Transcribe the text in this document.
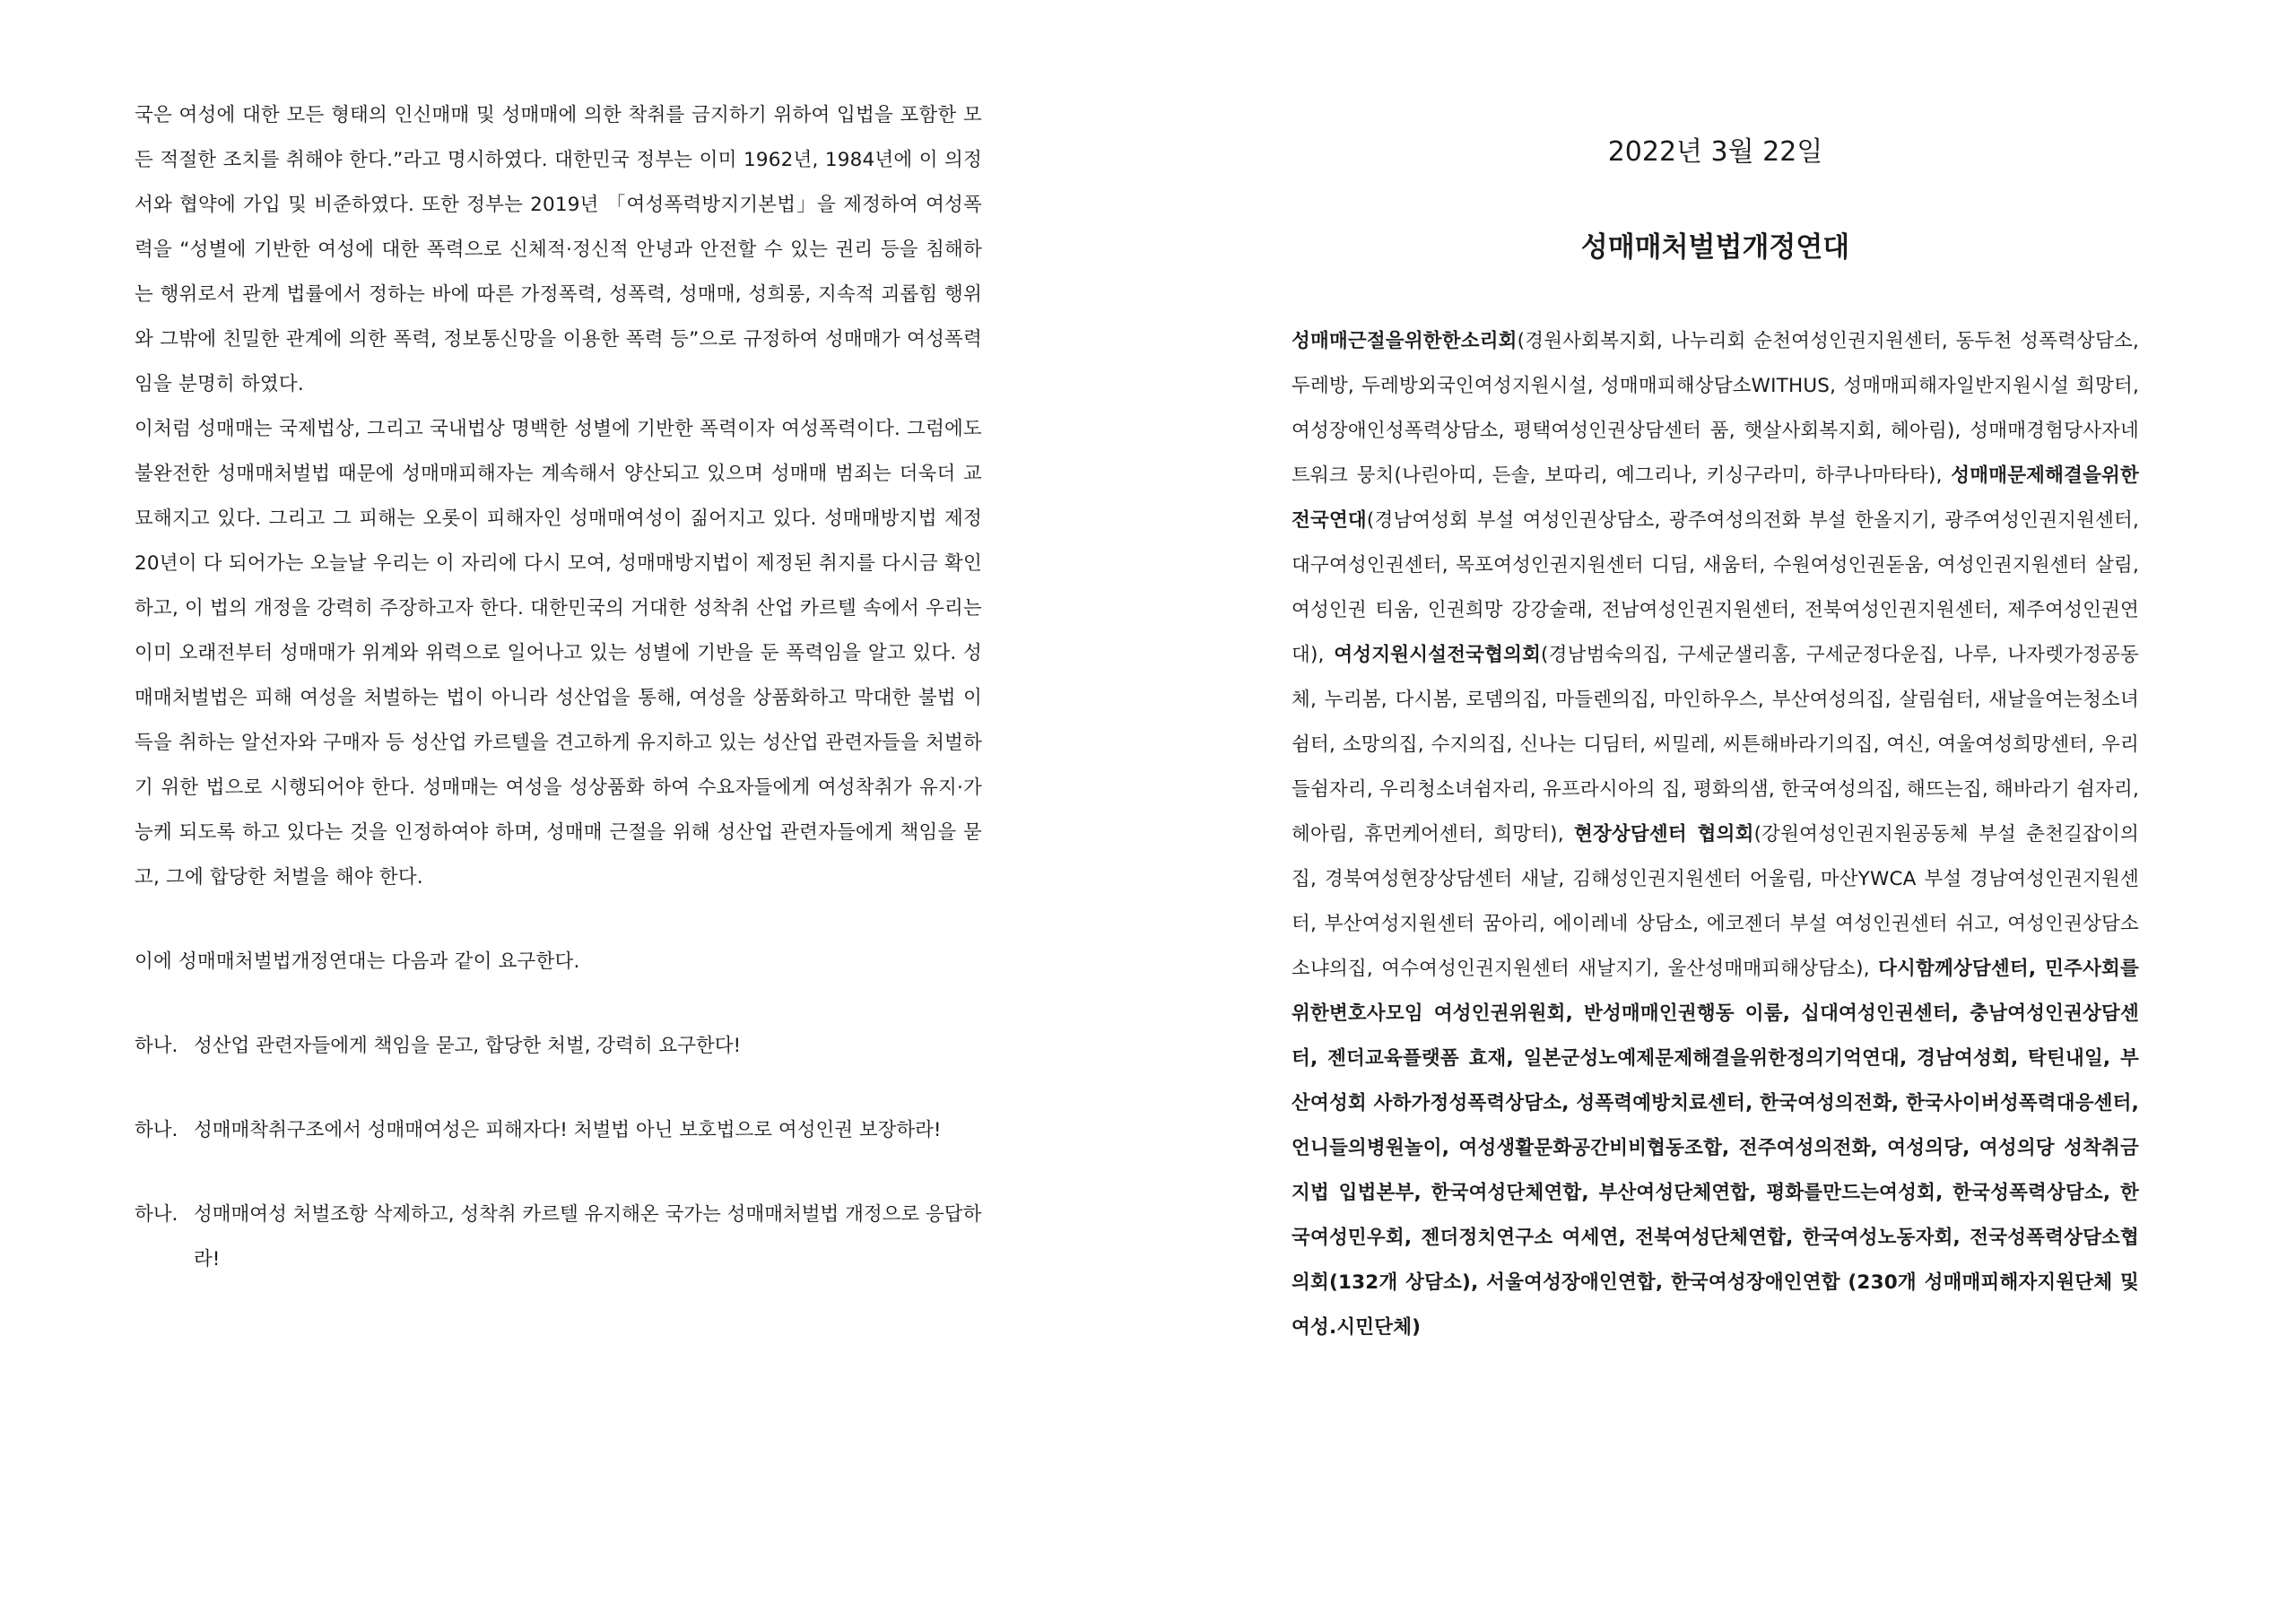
국은 여성에 대한 모든 형태의 인신매매 및 성매매에 의한 착취를 금지하기 위하여 입법을 포함한 모든 적절한 조치를 취해야 한다.”라고 명시하였다. 대한민국 정부는 이미 1962년, 1984년에 이 의정서와 협약에 가입 및 비준하였다. 또한 정부는 2019년 「여성폭력방지기본법」을 제정하여 여성폭력을 “성별에 기반한 여성에 대한 폭력으로 신체적·정신적 안녕과 안전할 수 있는 권리 등을 침해하는 행위로서 관계 법률에서 정하는 바에 따른 가정폭력, 성폭력, 성매매, 성희롱, 지속적 괴롭힘 행위와 그밖에 친밀한 관계에 의한 폭력, 정보통신망을 이용한 폭력 등”으로 규정하여 성매매가 여성폭력임을 분명히 하였다.

이처럼 성매매는 국제법상, 그리고 국내법상 명백한 성별에 기반한 폭력이자 여성폭력이다. 그럼에도 불완전한 성매매처벌법 때문에 성매매피해자는 계속해서 양산되고 있으며 성매매 범죄는 더욱더 교묘해지고 있다. 그리고 그 피해는 오롯이 피해자인 성매매여성이 짊어지고 있다. 성매매방지법 제정 20년이 다 되어가는 오늘날 우리는 이 자리에 다시 모여, 성매매방지법이 제정된 취지를 다시금 확인하고, 이 법의 개정을 강력히 주장하고자 한다. 대한민국의 거대한 성착취 산업 카르텔 속에서 우리는 이미 오래전부터 성매매가 위계와 위력으로 일어나고 있는 성별에 기반을 둔 폭력임을 알고 있다. 성매매처벌법은 피해 여성을 처벌하는 법이 아니라 성산업을 통해, 여성을 상품화하고 막대한 불법 이득을 취하는 알선자와 구매자 등 성산업 카르텔을 견고하게 유지하고 있는 성산업 관련자들을 처벌하기 위한 법으로 시행되어야 한다. 성매매는 여성을 성상품화 하여 수요자들에게 여성착취가 유지·가능케 되도록 하고 있다는 것을 인정하여야 하며, 성매매 근절을 위해 성산업 관련자들에게 책임을 묻고, 그에 합당한 처벌을 해야 한다.

이에 성매매처벌법개정연대는 다음과 같이 요구한다.

하나. 성산업 관련자들에게 책임을 묻고, 합당한 처벌, 강력히 요구한다!
하나. 성매매착취구조에서 성매매여성은 피해자다! 처벌법 아닌 보호법으로 여성인권 보장하라!
하나. 성매매여성 처벌조항 삭제하고, 성착취 카르텔 유지해온 국가는 성매매처벌법 개정으로 응답하라!

2022년 3월 22일

성매매처벌법개정연대

성매매근절을위한한소리회(경원사회복지회, 나누리회 순천여성인권지원센터, 동두천 성폭력상담소, 두레방, 두레방외국인여성지원시설, 성매매피해상담소WITHUS, 성매매피해자일반지원시설 희망터, 여성장애인성폭력상담소, 평택여성인권상담센터 품, 햇살사회복지회, 헤아림), 성매매경험당사자네트워크 뭉치(나린아띠, 든솔, 보따리, 예그리나, 키싱구라미, 하쿠나마타타), 성매매문제해결을위한전국연대(경남여성회 부설 여성인권상담소, 광주여성의전화 부설 한올지기, 광주여성인권지원센터, 대구여성인권센터, 목포여성인권지원센터 디딤, 새움터, 수원여성인권돋움, 여성인권지원센터 살림, 여성인권 티움, 인권희망 강강술래, 전남여성인권지원센터, 전북여성인권지원센터, 제주여성인권연대), 여성지원시설전국협의회(경남범숙의집, 구세군샐리홈, 구세군정다운집, 나루, 나자렛가정공동체, 누리봄, 다시봄, 로뎀의집, 마들렌의집, 마인하우스, 부산여성의집, 살림쉼터, 새날을여는청소녀쉼터, 소망의집, 수지의집, 신나는 디딤터, 씨밀레, 씨튼해바라기의집, 여신, 여울여성희망센터, 우리들쉼자리, 우리청소녀쉼자리, 유프라시아의 집, 평화의샘, 한국여성의집, 해뜨는집, 해바라기 쉼자리, 헤아림, 휴먼케어센터, 희망터), 현장상담센터 협의회(강원여성인권지원공동체 부설 춘천길잡이의집, 경북여성현장상담센터 새날, 김해성인권지원센터 어울림, 마산YWCA 부설 경남여성인권지원센터, 부산여성지원센터 꿈아리, 에이레네 상담소, 에코젠더 부설 여성인권센터 쉬고, 여성인권상담소 소냐의집, 여수여성인권지원센터 새날지기, 울산성매매피해상담소), 다시함께상담센터, 민주사회를위한변호사모임 여성인권위원회, 반성매매인권행동 이룸, 십대여성인권센터, 충남여성인권상담센터, 젠더교육플랫폼 효재, 일본군성노예제문제해결을위한정의기억연대, 경남여성회, 탁틴내일, 부산여성회 사하가정성폭력상담소, 성폭력예방치료센터, 한국여성의전화, 한국사이버성폭력대응센터, 언니들의병원놀이, 여성생활문화공간비비협동조합, 전주여성의전화, 여성의당, 여성의당 성착취금지법 입법본부, 한국여성단체연합, 부산여성단체연합, 평화를만드는여성회, 한국성폭력상담소, 한국여성민우회, 젠더정치연구소 여세연, 전북여성단체연합, 한국여성노동자회, 전국성폭력상담소협의회(132개 상담소), 서울여성장애인연합, 한국여성장애인연합 (230개 성매매피해자지원단체 및 여성.시민단체)
